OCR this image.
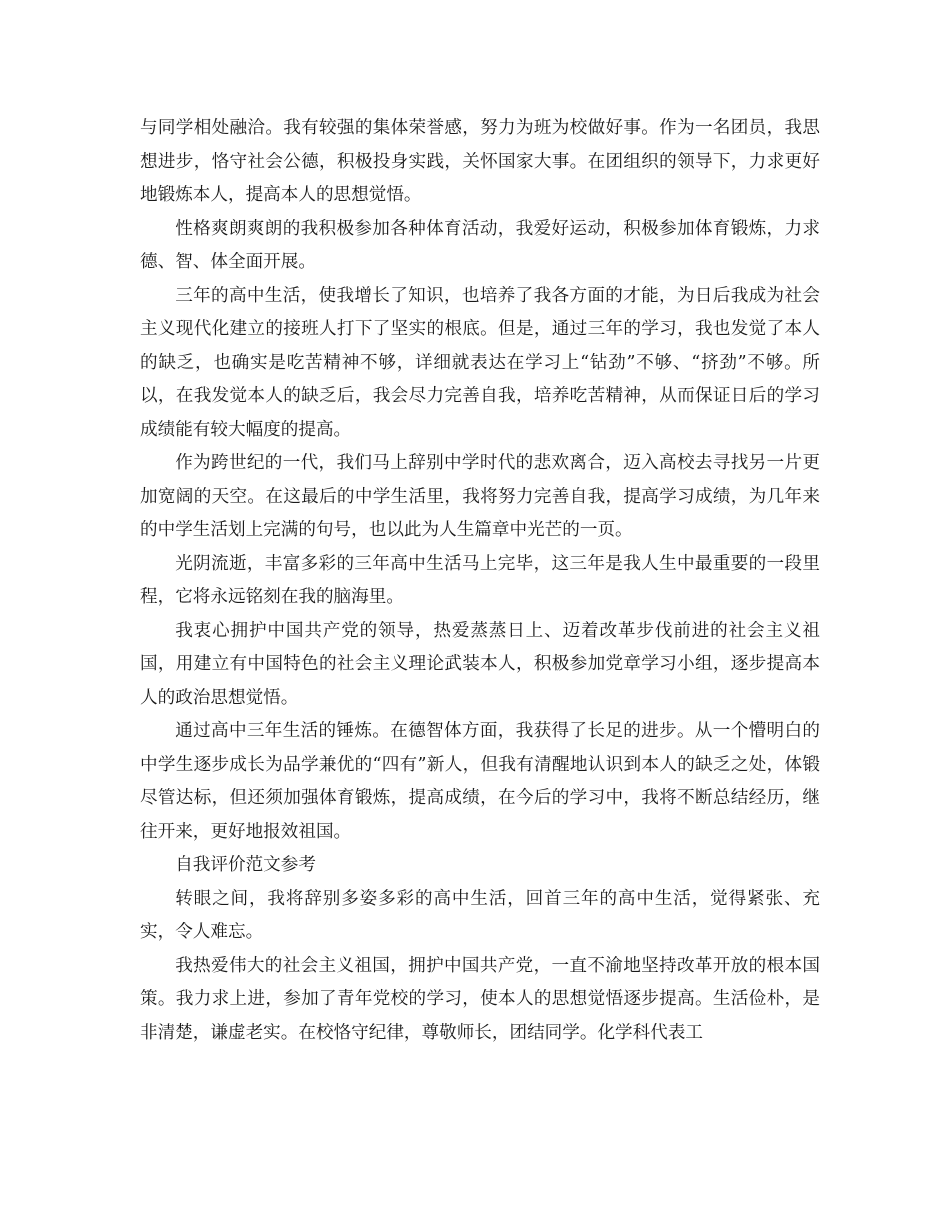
与同学相处融洽。我有较强的集体荣誉感，努力为班为校做好事。作为一名团员，我思想进步，恪守社会公德，积极投身实践，关怀国家大事。在团组织的领导下，力求更好地锻炼本人，提高本人的思想觉悟。

性格爽朗爽朗的我积极参加各种体育活动，我爱好运动，积极参加体育锻炼，力求德、智、体全面开展。

三年的高中生活，使我增长了知识，也培养了我各方面的才能，为日后我成为社会主义现代化建立的接班人打下了坚实的根底。但是，通过三年的学习，我也发觉了本人的缺乏，也确实是吃苦精神不够，详细就表达在学习上“钻劲”不够、“挤劲”不够。所以，在我发觉本人的缺乏后，我会尽力完善自我，培养吃苦精神，从而保证日后的学习成绩能有较大幅度的提高。

作为跨世纪的一代，我们马上辞别中学时代的悲欢离合，迈入高校去寻找另一片更加宽阔的天空。在这最后的中学生活里，我将努力完善自我，提高学习成绩，为几年来的中学生活划上完满的句号，也以此为人生篇章中光芒的一页。

光阴流逝，丰富多彩的三年高中生活马上完毕，这三年是我人生中最重要的一段里程，它将永远铭刻在我的脑海里。

我衷心拥护中国共产党的领导，热爱蒸蒸日上、迈着改革步伐前进的社会主义祖国，用建立有中国特色的社会主义理论武装本人，积极参加党章学习小组，逐步提高本人的政治思想觉悟。

通过高中三年生活的锤炼。在德智体方面，我获得了长足的进步。从一个懵明白的中学生逐步成长为品学兼优的“四有”新人，但我有清醒地认识到本人的缺乏之处，体锻尽管达标，但还须加强体育锻炼，提高成绩，在今后的学习中，我将不断总结经历，继往开来，更好地报效祖国。

自我评价范文参考

转眼之间，我将辞别多姿多彩的高中生活，回首三年的高中生活，觉得紧张、充实，令人难忘。

我热爱伟大的社会主义祖国，拥护中国共产党，一直不渝地坚持改革开放的根本国策。我力求上进，参加了青年党校的学习，使本人的思想觉悟逐步提高。生活俭朴，是非清楚，谦虚老实。在校恪守纪律，尊敬师长，团结同学。化学科代表工
